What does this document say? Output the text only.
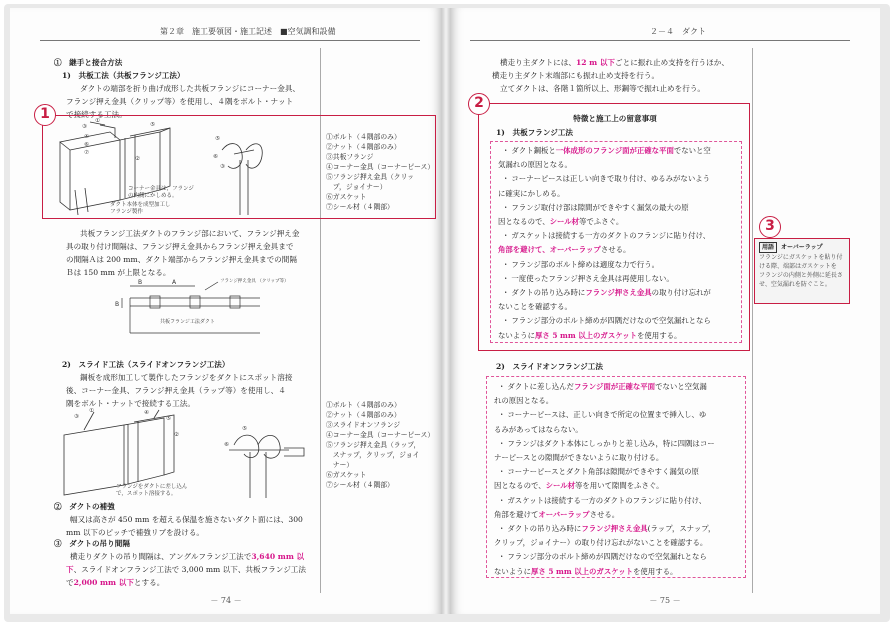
第２章　施工要領図・施工記述　■空気調和設備
①　継手と接合方法
1)　共板工法（共板フランジ工法）
ダクトの端部を折り曲げ成形した共板フランジにコーナー金具、
フランジ押え金具（クリップ等）を使用し、４隅をボルト・ナット
で接続する工法。
③
①
④
⑥
⑦
⑤
②
⑤
⑥
③
コーナー金具は，フランジ
の内側にかしめる。
ダクト本体を成型加工し
フランジ製作
①ボルト（４隅部のみ）
②ナット（４隅部のみ）
③共板フランジ
④コーナー金具（コーナーピース）
⑤フランジ押え金具（クリッ
　プ，ジョイナー）
⑥ガスケット
⑦シール材（４隅部）
1
共板フランジ工法ダクトのフランジ部において、フランジ押え金
具の取り付け間隔は、フランジ押え金具からフランジ押え金具まで
の間隔Ａは 200 mm、ダクト端部からフランジ押え金具までの間隔
Ｂは 150 mm が上限となる。
B	A
B
フランジ押え金具 （クリップ等）
共板フランジ工法ダクト
2)　スライド工法（スライドオンフランジ工法）
鋼板を成形加工して製作したフランジをダクトにスポット溶接
後、コーナー金具、フランジ押え金具（ラップ等）を使用し、４
隅をボルト・ナットで接続する工法。
③
①	④
⑤
②
⑤
⑥
フランジをダクトに差し込ん
で，スポット溶接する。
①ボルト（４隅部のみ）
②ナット（４隅部のみ）
③スライドオンフランジ
④コーナー金具（コーナーピース）
⑤フランジ押え金具（ラップ，
　スナップ，クリップ，ジョイ
　ナー）
⑥ガスケット
⑦シール材（４隅部）
②　ダクトの補強
幅又は高さが 450 mm を超える保温を施さないダクト面には、300
mm 以下のピッチで補強リブを設ける。
③　ダクトの吊り間隔
横走りダクトの吊り間隔は、アングルフランジ工法で3,640 mm 以
下、スライドオンフランジ工法で 3,000 mm 以下、共板フランジ工法
で2,000 mm 以下とする。
－ 74 －
２－４　ダクト
横走り主ダクトには、12 m 以下ごとに振れ止め支持を行うほか、
横走り主ダクト末端部にも振れ止め支持を行う。
立てダクトは、各階１箇所以上、形鋼等で振れ止めを行う。
2
特徴と施工上の留意事項
1)　共板フランジ工法
・ ダクト鋼板と一体成形のフランジ面が正確な平面でないと空
気漏れの原因となる。
・ コーナーピースは正しい向きで取り付け、ゆるみがないよう
に確実にかしめる。
・ フランジ取付け部は隙間ができやすく漏気の最大の原
因となるので、シール材等でふさぐ。
・ ガスケットは接続する一方のダクトのフランジに貼り付け、
角部を避けて、オーバーラップさせる。
・ フランジ部のボルト締めは適度な力で行う。
・ 一度使ったフランジ押さえ金具は再使用しない。
・ ダクトの吊り込み時にフランジ押さえ金具の取り付け忘れが
ないことを確認する。
・ フランジ部分のボルト締めが四隅だけなので空気漏れとなら
ないように厚さ 5 mm 以上のガスケットを使用する。
2)　スライドオンフランジ工法
・ ダクトに差し込んだフランジ面が正確な平面でないと空気漏
れの原因となる。
・ コーナーピースは、正しい向きで所定の位置まで挿入し、ゆ
るみがあってはならない。
・ フランジはダクト本体にしっかりと差し込み，特に四隅はコー
ナーピースとの隙間ができないように取り付ける。
・ コーナーピースとダクト角部は隙間ができやすく漏気の原
因となるので、シール材等を用いて隙間をふさぐ。
・ ガスケットは接続する一方のダクトのフランジに貼り付け、
角部を避けてオーバーラップさせる。
・ ダクトの吊り込み時にフランジ押さえ金具(ラップ，スナップ，
クリップ，ジョイナー）の取り付け忘れがないことを確認する。
・ フランジ部分のボルト締めが四隅だけなので空気漏れとなら
ないように厚さ 5 mm 以上のガスケットを使用する。
3
用語 オーバーラップ
フランジにガスケットを貼り付
ける際、端部はガスケットを
フランジの内側と外側に延長さ
せ、空気漏れを防ぐこと。
－ 75 －
